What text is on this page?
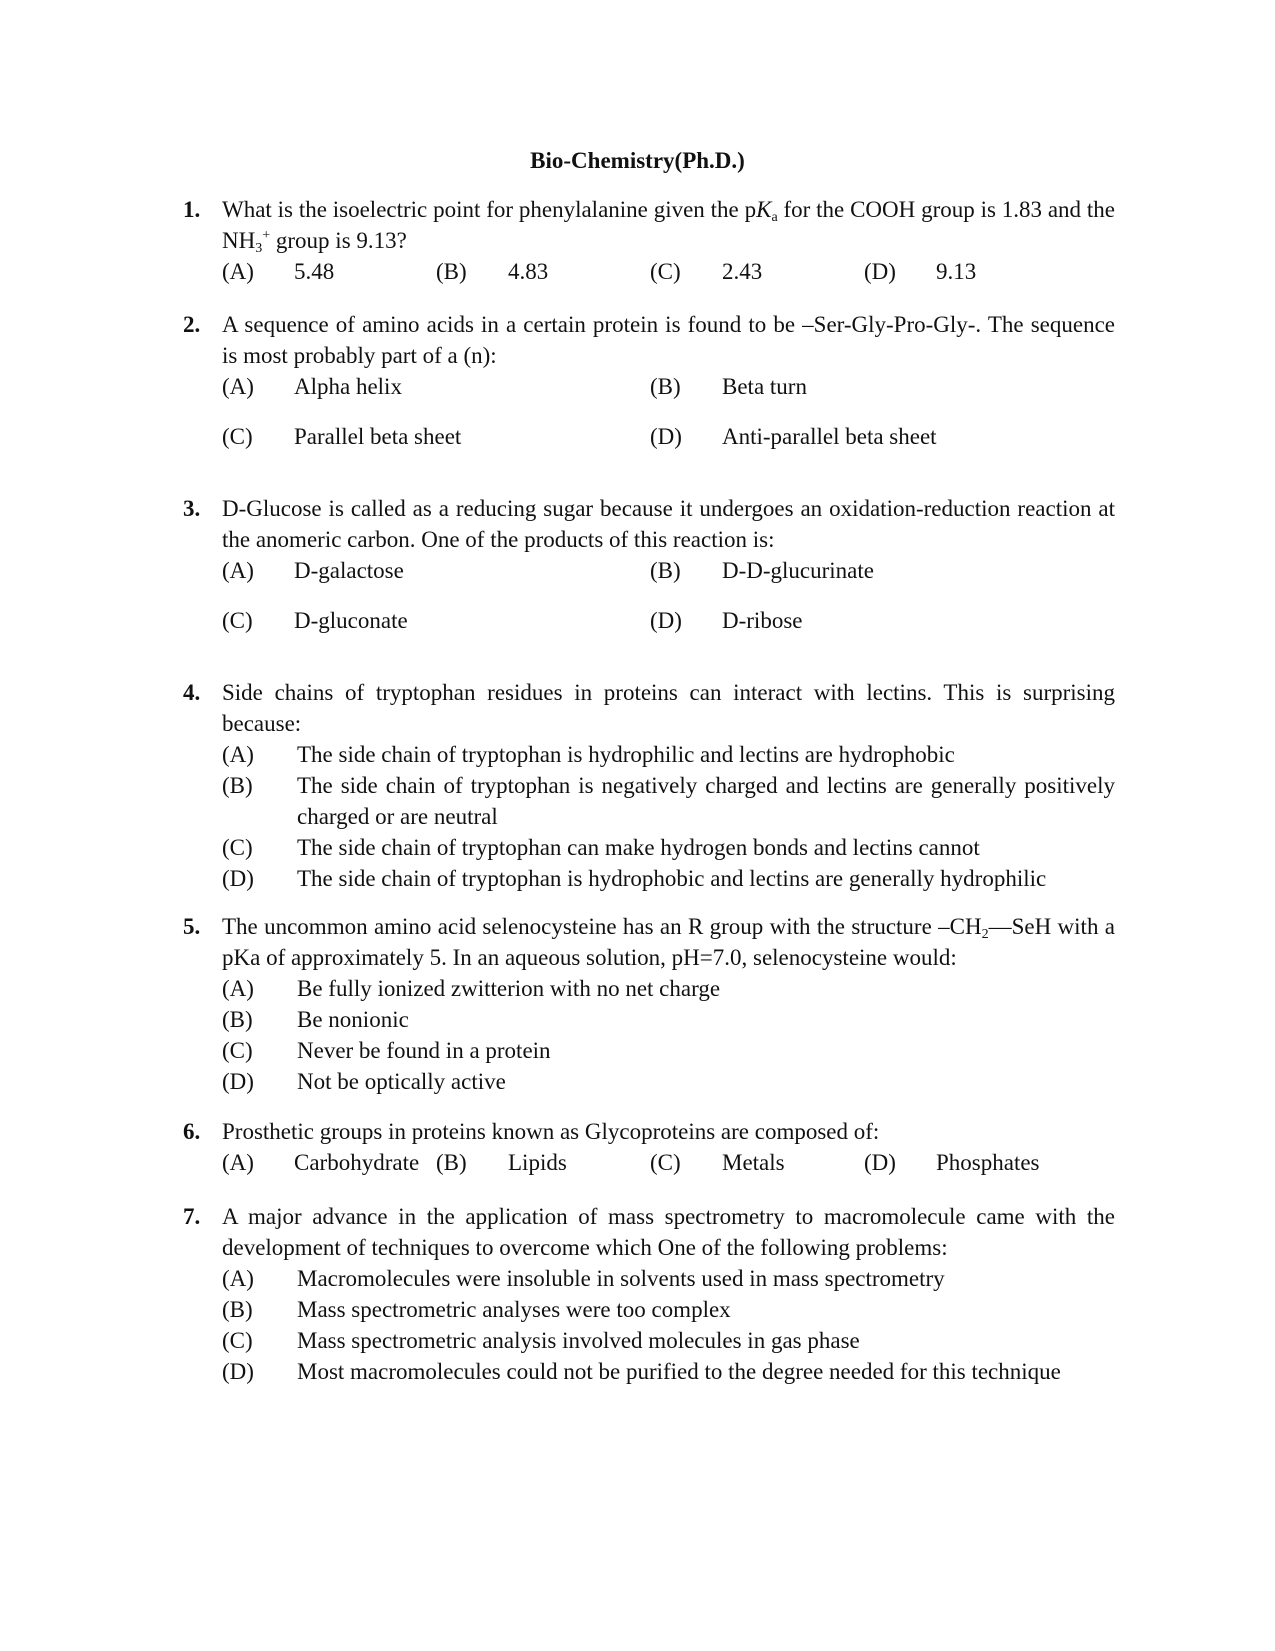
Bio-Chemistry(Ph.D.)
1. What is the isoelectric point for phenylalanine given the $pK_a$ for the COOH group is 1.83 and the $NH_3^+$ group is 9.13?
(A) 5.48	(B) 4.83	(C) 2.43	(D) 9.13
2. A sequence of amino acids in a certain protein is found to be –Ser-Gly-Pro-Gly-. The sequence is most probably part of a (n):
(A) Alpha helix	(B) Beta turn
(C) Parallel beta sheet	(D) Anti-parallel beta sheet
3. D-Glucose is called as a reducing sugar because it undergoes an oxidation-reduction reaction at the anomeric carbon. One of the products of this reaction is:
(A) D-galactose	(B) D-D-glucurinate
(C) D-gluconate	(D) D-ribose
4. Side chains of tryptophan residues in proteins can interact with lectins. This is surprising because:
(A) The side chain of tryptophan is hydrophilic and lectins are hydrophobic
(B) The side chain of tryptophan is negatively charged and lectins are generally positively charged or are neutral
(C) The side chain of tryptophan can make hydrogen bonds and lectins cannot
(D) The side chain of tryptophan is hydrophobic and lectins are generally hydrophilic
5. The uncommon amino acid selenocysteine has an R group with the structure $-CH_2—SeH$ with a pKa of approximately 5. In an aqueous solution, pH=7.0, selenocysteine would:
(A) Be fully ionized zwitterion with no net charge
(B) Be nonionic
(C) Never be found in a protein
(D) Not be optically active
6. Prosthetic groups in proteins known as Glycoproteins are composed of:
(A) Carbohydrate (B) Lipids	(C) Metals	(D) Phosphates
7. A major advance in the application of mass spectrometry to macromolecule came with the development of techniques to overcome which One of the following problems:
(A) Macromolecules were insoluble in solvents used in mass spectrometry
(B) Mass spectrometric analyses were too complex
(C) Mass spectrometric analysis involved molecules in gas phase
(D) Most macromolecules could not be purified to the degree needed for this technique
